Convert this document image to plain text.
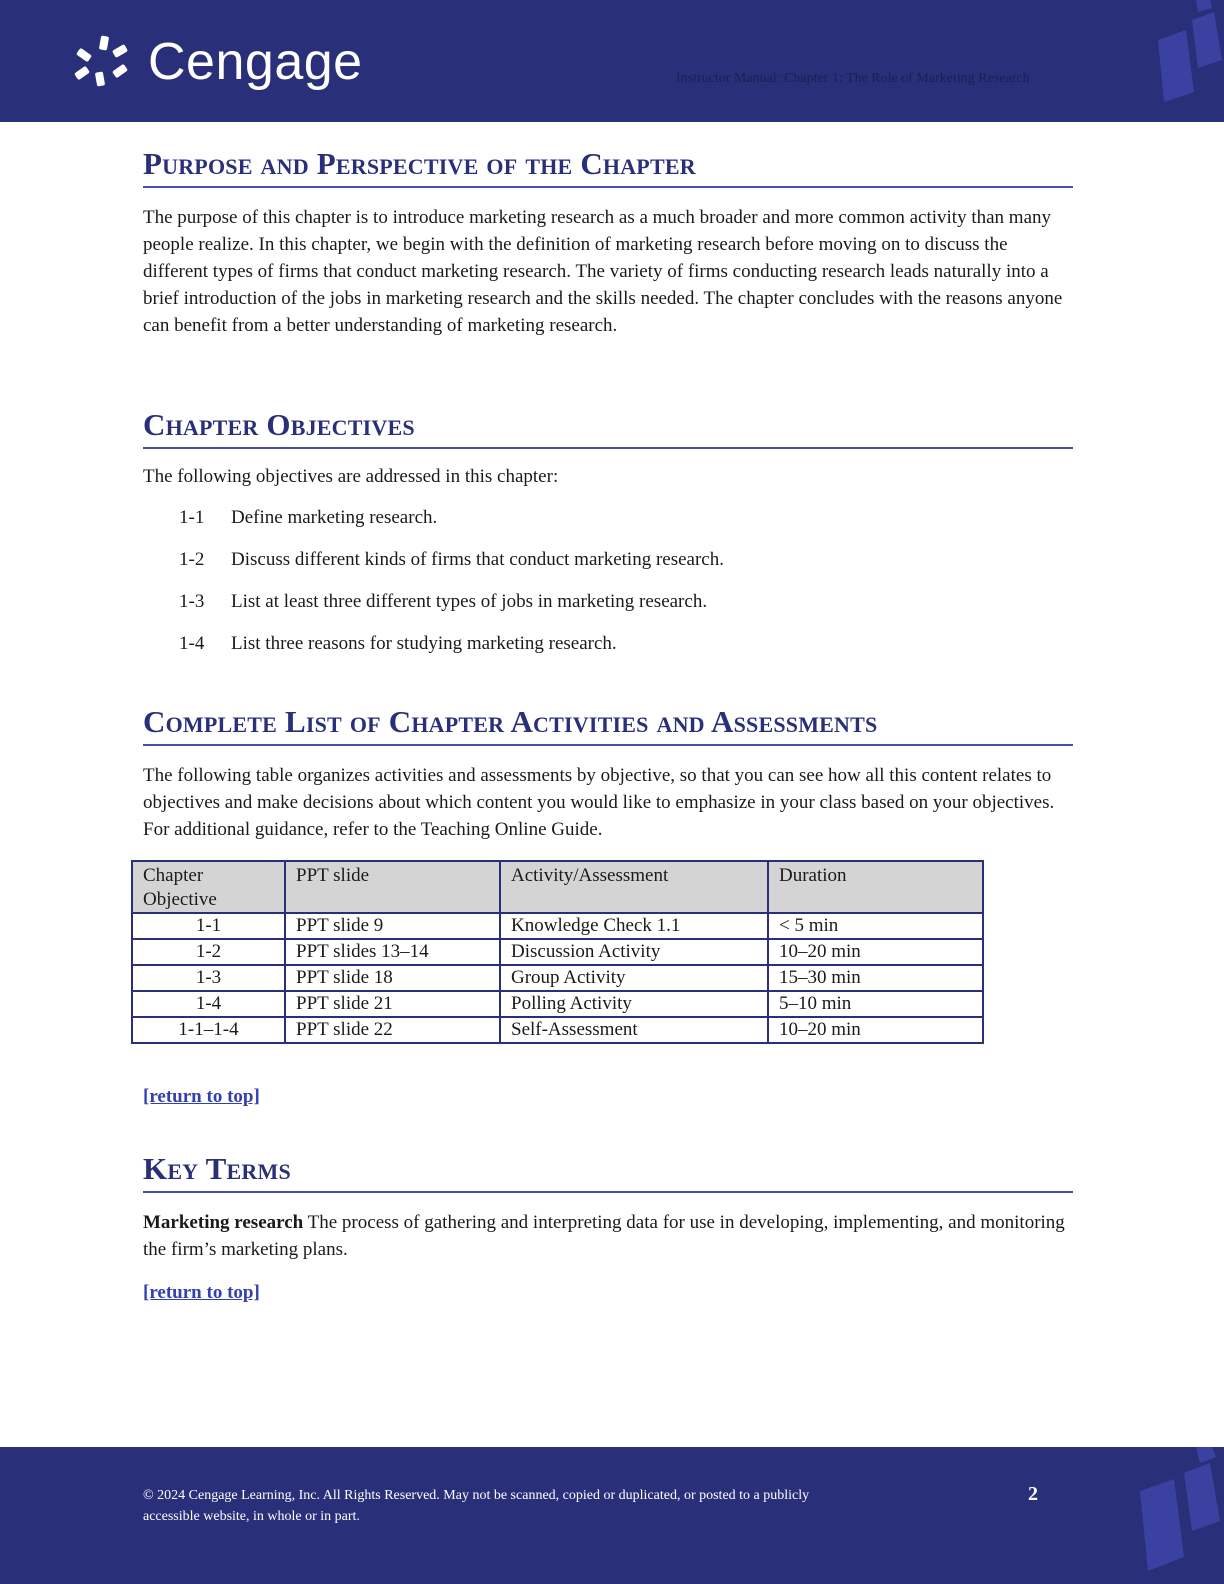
Cengage	Instructor Manual: Chapter 1: The Role of Marketing Research
Purpose and Perspective of the Chapter

The purpose of this chapter is to introduce marketing research as a much broader and more common activity than many people realize. In this chapter, we begin with the definition of marketing research before moving on to discuss the different types of firms that conduct marketing research. The variety of firms conducting research leads naturally into a brief introduction of the jobs in marketing research and the skills needed. The chapter concludes with the reasons anyone can benefit from a better understanding of marketing research.

Chapter Objectives

The following objectives are addressed in this chapter:

1-1	Define marketing research.
1-2	Discuss different kinds of firms that conduct marketing research.
1-3	List at least three different types of jobs in marketing research.
1-4	List three reasons for studying marketing research.
Complete List of Chapter Activities and Assessments

The following table organizes activities and assessments by objective, so that you can see how all this content relates to objectives and make decisions about which content you would like to emphasize in your class based on your objectives. For additional guidance, refer to the Teaching Online Guide.

Chapter Objective	PPT slide	Activity/Assessment	Duration
1-1	PPT slide 9	Knowledge Check 1.1	< 5 min
1-2	PPT slides 13–14	Discussion Activity	10–20 min
1-3	PPT slide 18	Group Activity	15–30 min
1-4	PPT slide 21	Polling Activity	5–10 min
1-1–1-4	PPT slide 22	Self-Assessment	10–20 min
[return to top]
Key Terms

Marketing research The process of gathering and interpreting data for use in developing, implementing, and monitoring the firm’s marketing plans.

[return to top]
© 2024 Cengage Learning, Inc. All Rights Reserved. May not be scanned, copied or duplicated, or posted to a publicly accessible website, in whole or in part.
2
